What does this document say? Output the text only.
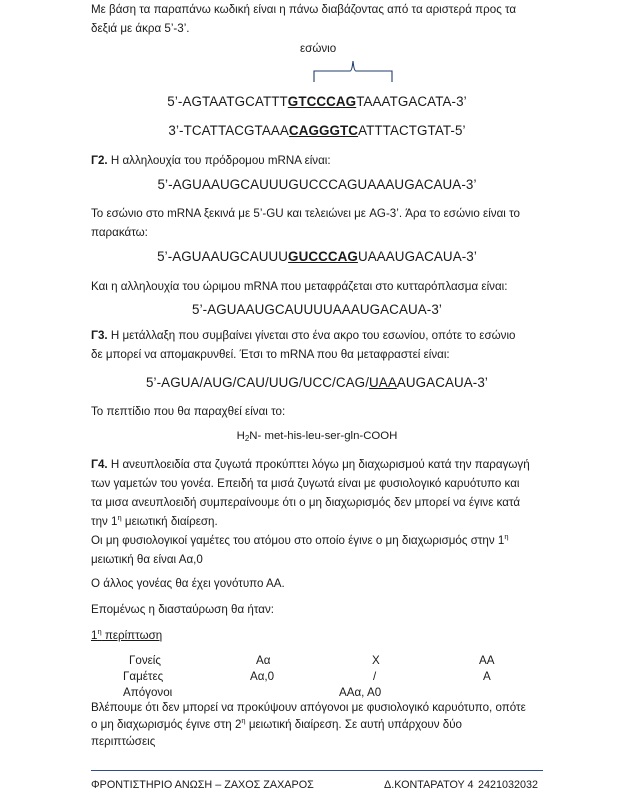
Με βάση τα παραπάνω κωδική είναι η πάνω διαβάζοντας από τα αριστερά προς τα
δεξιά με άκρα 5’-3’.
εσώνιο
5’-AGTAATGCATTTGTCCCAGTAAATGACATA-3’
3’-TCATTACGTAAACAGGGTCATTTACTGTAT-5’
Γ2. Η αλληλουχία του πρόδρομου mRNA είναι:
5’-AGUAAUGCAUUUGUCCCAGUAAAUGACAUA-3’
Το εσώνιο στο mRNA ξεκινά με 5’-GU και τελειώνει με AG-3’. Άρα το εσώνιο είναι το
παρακάτω:
5’-AGUAAUGCAUUUGUCCCAGUAAAUGACAUA-3’
Και η αλληλουχία του ώριμου mRNA που μεταφράζεται στο κυτταρόπλασμα είναι:
5’-AGUAAUGCAUUUUAAAUGACAUA-3’
Γ3. Η μετάλλαξη που συμβαίνει γίνεται στο ένα ακρο του εσωνίου, οπότε το εσώνιο
δε μπορεί να απομακρυνθεί. Έτσι το mRNA που θα μεταφραστεί είναι:
5’-AGUA/AUG/CAU/UUG/UCC/CAG/UAAAUGACAUA-3’
Το πεπτίδιο που θα παραχθεί είναι το:
$H_2N-$ met-his-leu-ser-gln-COOH
Γ4. Η ανευπλοειδία στα ζυγωτά προκύπτει λόγω μη διαχωρισμού κατά την παραγωγή
των γαμετών του γονέα. Επειδή τα μισά ζυγωτά είναι με φυσιολογικό καρυότυπο και
τα μισα ανευπλοειδή συμπεραίνουμε ότι ο μη διαχωρισμός δεν μπορεί να έγινε κατά
την $1^\eta$ μειωτική διαίρεση.
Οι μη φυσιολογικοί γαμέτες του ατόμου στο οποίο έγινε ο μη διαχωρισμός στην $1^\eta$
μειωτική θα είναι Αα,0
Ο άλλος γονέας θα έχει γονότυπο ΑΑ.
Επομένως η διασταύρωση θα ήταν:
$1^\eta$ περίπτωση
Γονείς	Αα	Χ	ΑΑ
Γαμέτες	Αα,0	/	Α
Απόγονοι	ΑΑα, Α0
Βλέπουμε ότι δεν μπορεί να προκύψουν απόγονοι με φυσιολογικό καρυότυπο, οπότε
ο μη διαχωρισμός έγινε στη $2^\eta$ μειωτική διαίρεση. Σε αυτή υπάρχουν δύο
περιπτώσεις
ΦΡΟΝΤΙΣΤΗΡΙΟ ΑΝΩΣΗ – ΖΑΧΟΣ ΖΑΧΑΡΟΣ	Δ.ΚΟΝΤΑΡΑΤΟΥ 4 2421032032
